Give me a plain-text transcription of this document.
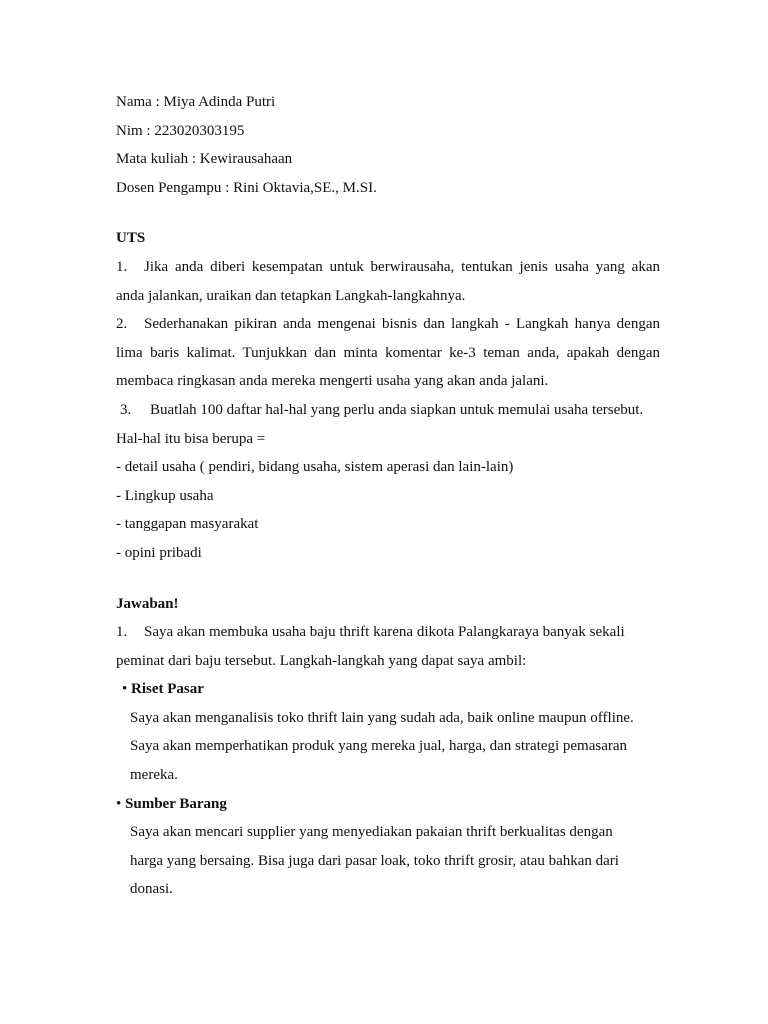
Nama : Miya Adinda Putri
Nim : 223020303195
Mata kuliah : Kewirausahaan
Dosen Pengampu : Rini Oktavia,SE., M.SI.
UTS
1. Jika anda diberi kesempatan untuk berwirausaha, tentukan jenis usaha yang akan
anda jalankan, uraikan dan tetapkan Langkah-langkahnya.
2. Sederhanakan pikiran anda mengenai bisnis dan langkah - Langkah hanya dengan
lima baris kalimat. Tunjukkan dan minta komentar ke-3 teman anda, apakah dengan
membaca ringkasan anda mereka mengerti usaha yang akan anda jalani.
3. Buatlah 100 daftar hal-hal yang perlu anda siapkan untuk memulai usaha tersebut.
Hal-hal itu bisa berupa =
- detail usaha ( pendiri, bidang usaha, sistem aperasi dan lain-lain)
- Lingkup usaha
- tanggapan masyarakat
- opini pribadi
Jawaban!
1. Saya akan membuka usaha baju thrift karena dikota Palangkaraya banyak sekali
peminat dari baju tersebut. Langkah-langkah yang dapat saya ambil:
• Riset Pasar
Saya akan menganalisis toko thrift lain yang sudah ada, baik online maupun offline.
Saya akan memperhatikan produk yang mereka jual, harga, dan strategi pemasaran
mereka.
• Sumber Barang
Saya akan mencari supplier yang menyediakan pakaian thrift berkualitas dengan
harga yang bersaing. Bisa juga dari pasar loak, toko thrift grosir, atau bahkan dari
donasi.
